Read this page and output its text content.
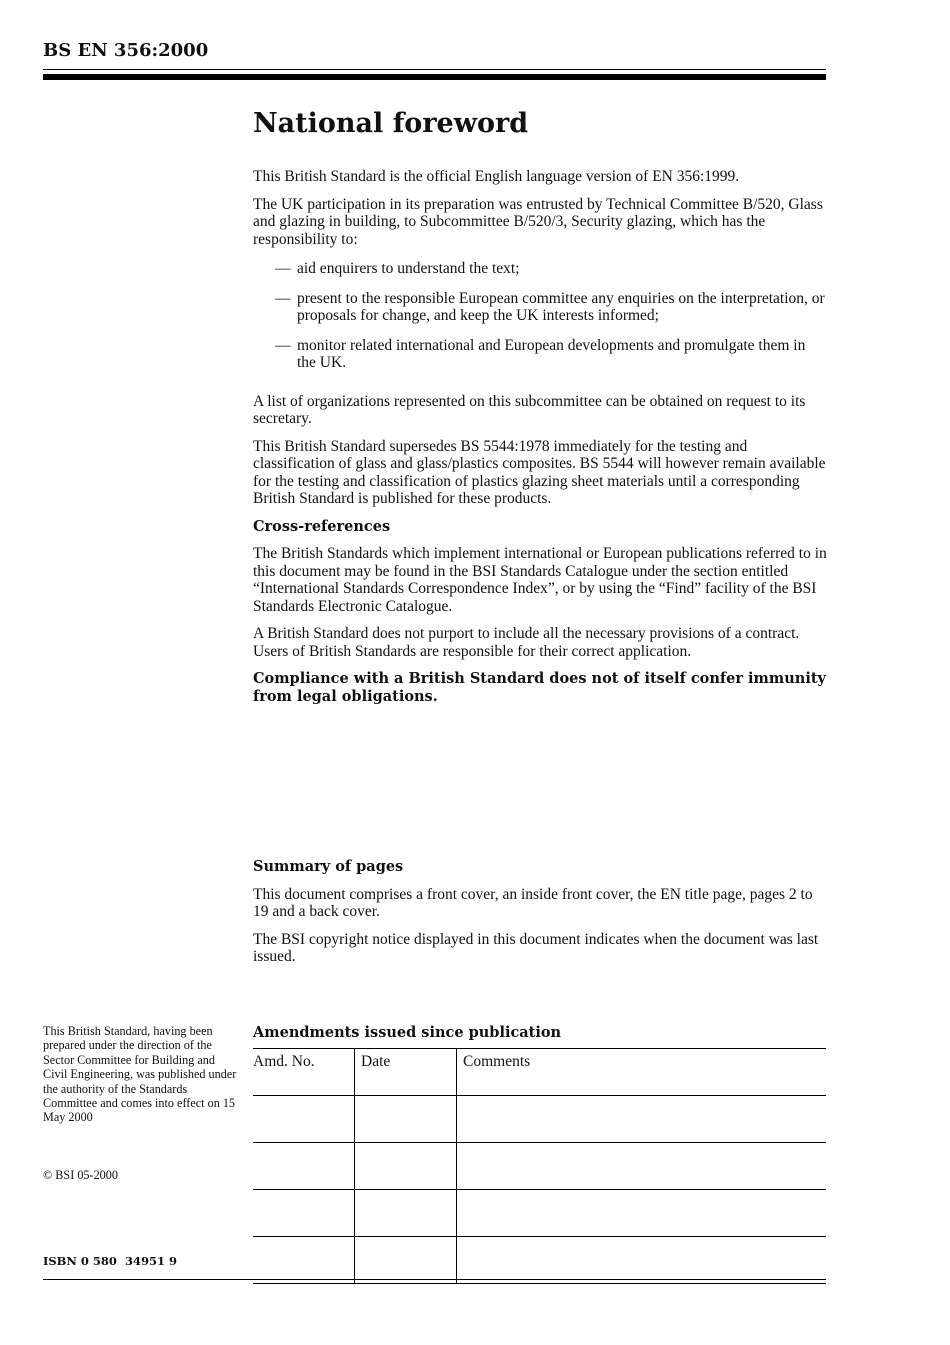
BS EN 356:2000
National foreword

This British Standard is the official English language version of EN 356:1999.

The UK participation in its preparation was entrusted by Technical Committee B/520, Glass and glazing in building, to Subcommittee B/520/3, Security glazing, which has the responsibility to:

— aid enquirers to understand the text;
— present to the responsible European committee any enquiries on the interpretation, or proposals for change, and keep the UK interests informed;
— monitor related international and European developments and promulgate them in the UK.

A list of organizations represented on this subcommittee can be obtained on request to its secretary.

This British Standard supersedes BS 5544:1978 immediately for the testing and classification of glass and glass/plastics composites. BS 5544 will however remain available for the testing and classification of plastics glazing sheet materials until a corresponding British Standard is published for these products.

Cross-references

The British Standards which implement international or European publications referred to in this document may be found in the BSI Standards Catalogue under the section entitled “International Standards Correspondence Index”, or by using the “Find” facility of the BSI Standards Electronic Catalogue.

A British Standard does not purport to include all the necessary provisions of a contract. Users of British Standards are responsible for their correct application.

Compliance with a British Standard does not of itself confer immunity from legal obligations.

Summary of pages

This document comprises a front cover, an inside front cover, the EN title page, pages 2 to 19 and a back cover.

The BSI copyright notice displayed in this document indicates when the document was last issued.

This British Standard, having been prepared under the direction of the Sector Committee for Building and Civil Engineering, was published under the authority of the Standards Committee and comes into effect on 15 May 2000
© BSI 05-2000
ISBN 0 580  34951 9
Amendments issued since publication
Amd. No.	Date	Comments
